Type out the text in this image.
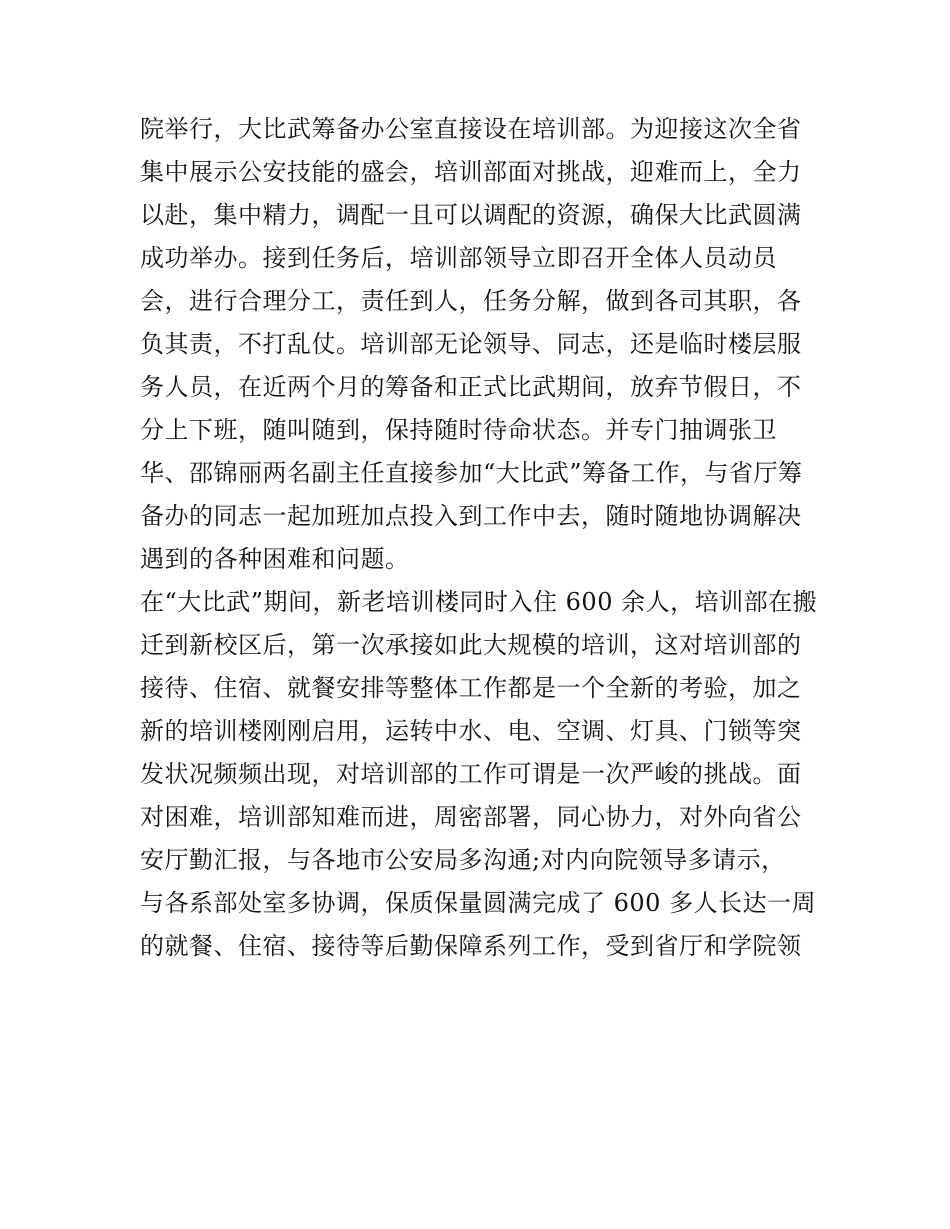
院举行，大比武筹备办公室直接设在培训部。为迎接这次全省
集中展示公安技能的盛会，培训部面对挑战，迎难而上，全力
以赴，集中精力，调配一且可以调配的资源，确保大比武圆满
成功举办。接到任务后，培训部领导立即召开全体人员动员
会，进行合理分工，责任到人，任务分解，做到各司其职，各
负其责，不打乱仗。培训部无论领导、同志，还是临时楼层服
务人员，在近两个月的筹备和正式比武期间，放弃节假日，不
分上下班，随叫随到，保持随时待命状态。并专门抽调张卫
华、邵锦丽两名副主任直接参加“大比武”筹备工作，与省厅筹
备办的同志一起加班加点投入到工作中去，随时随地协调解决
遇到的各种困难和问题。
在“大比武”期间，新老培训楼同时入住 600 余人，培训部在搬
迁到新校区后，第一次承接如此大规模的培训，这对培训部的
接待、住宿、就餐安排等整体工作都是一个全新的考验，加之
新的培训楼刚刚启用，运转中水、电、空调、灯具、门锁等突
发状况频频出现，对培训部的工作可谓是一次严峻的挑战。面
对困难，培训部知难而进，周密部署，同心协力，对外向省公
安厅勤汇报，与各地市公安局多沟通;对内向院领导多请示，
与各系部处室多协调，保质保量圆满完成了 600 多人长达一周
的就餐、住宿、接待等后勤保障系列工作，受到省厅和学院领
